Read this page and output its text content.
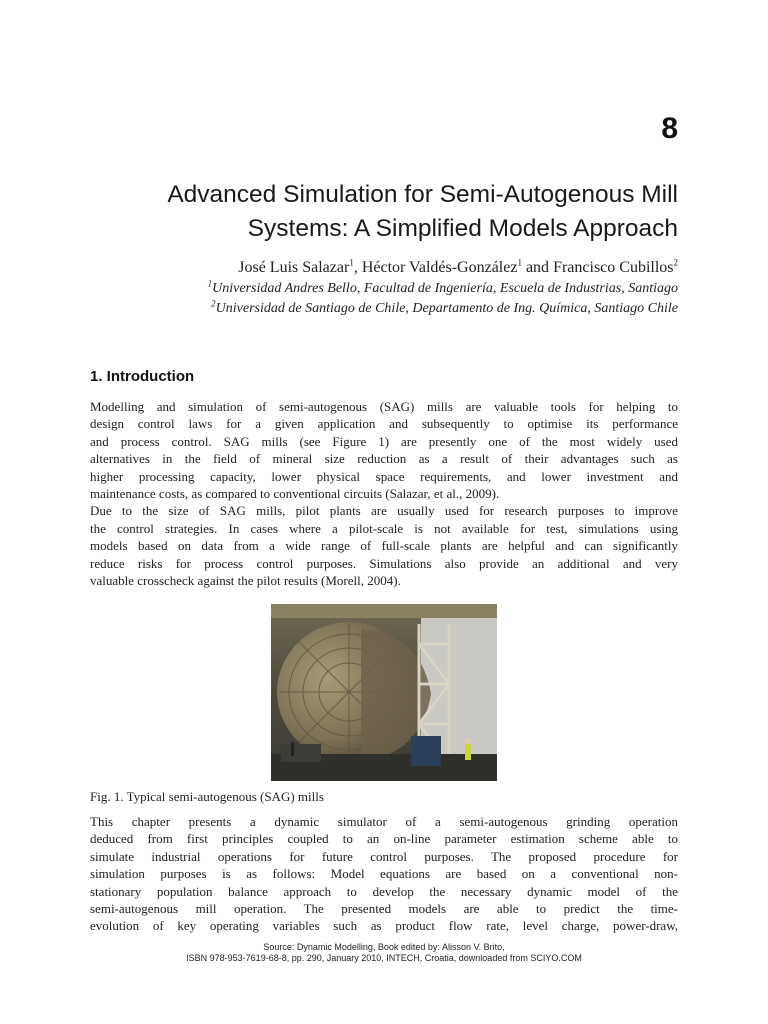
8
Advanced Simulation for Semi-Autogenous Mill
Systems: A Simplified Models Approach
José Luis Salazar$^1$, Héctor Valdés-González$^1$ and Francisco Cubillos$^2$
$^1$Universidad Andres Bello, Facultad de Ingeniería, Escuela de Industrias, Santiago
$^2$Universidad de Santiago de Chile, Departamento de Ing. Química, Santiago Chile
1. Introduction
Modelling and simulation of semi-autogenous (SAG) mills are valuable tools for helping to
design control laws for a given application and subsequently to optimise its performance
and process control. SAG mills (see Figure 1) are presently one of the most widely used
alternatives in the field of mineral size reduction as a result of their advantages such as
higher processing capacity, lower physical space requirements, and lower investment and
maintenance costs, as compared to conventional circuits (Salazar, et al., 2009).
Due to the size of SAG mills, pilot plants are usually used for research purposes to improve
the control strategies. In cases where a pilot-scale is not available for test, simulations using
models based on data from a wide range of full-scale plants are helpful and can significantly
reduce risks for process control purposes. Simulations also provide an additional and very
valuable crosscheck against the pilot results (Morell, 2004).
Fig. 1. Typical semi-autogenous (SAG) mills
This chapter presents a dynamic simulator of a semi-autogenous grinding operation
deduced from first principles coupled to an on-line parameter estimation scheme able to
simulate industrial operations for future control purposes. The proposed procedure for
simulation purposes is as follows: Model equations are based on a conventional non-
stationary population balance approach to develop the necessary dynamic model of the
semi-autogenous mill operation. The presented models are able to predict the time-
evolution of key operating variables such as product flow rate, level charge, power-draw,
Source: Dynamic Modelling, Book edited by: Alisson V. Brito,
ISBN 978-953-7619-68-8, pp. 290, January 2010, INTECH, Croatia, downloaded from SCIYO.COM
